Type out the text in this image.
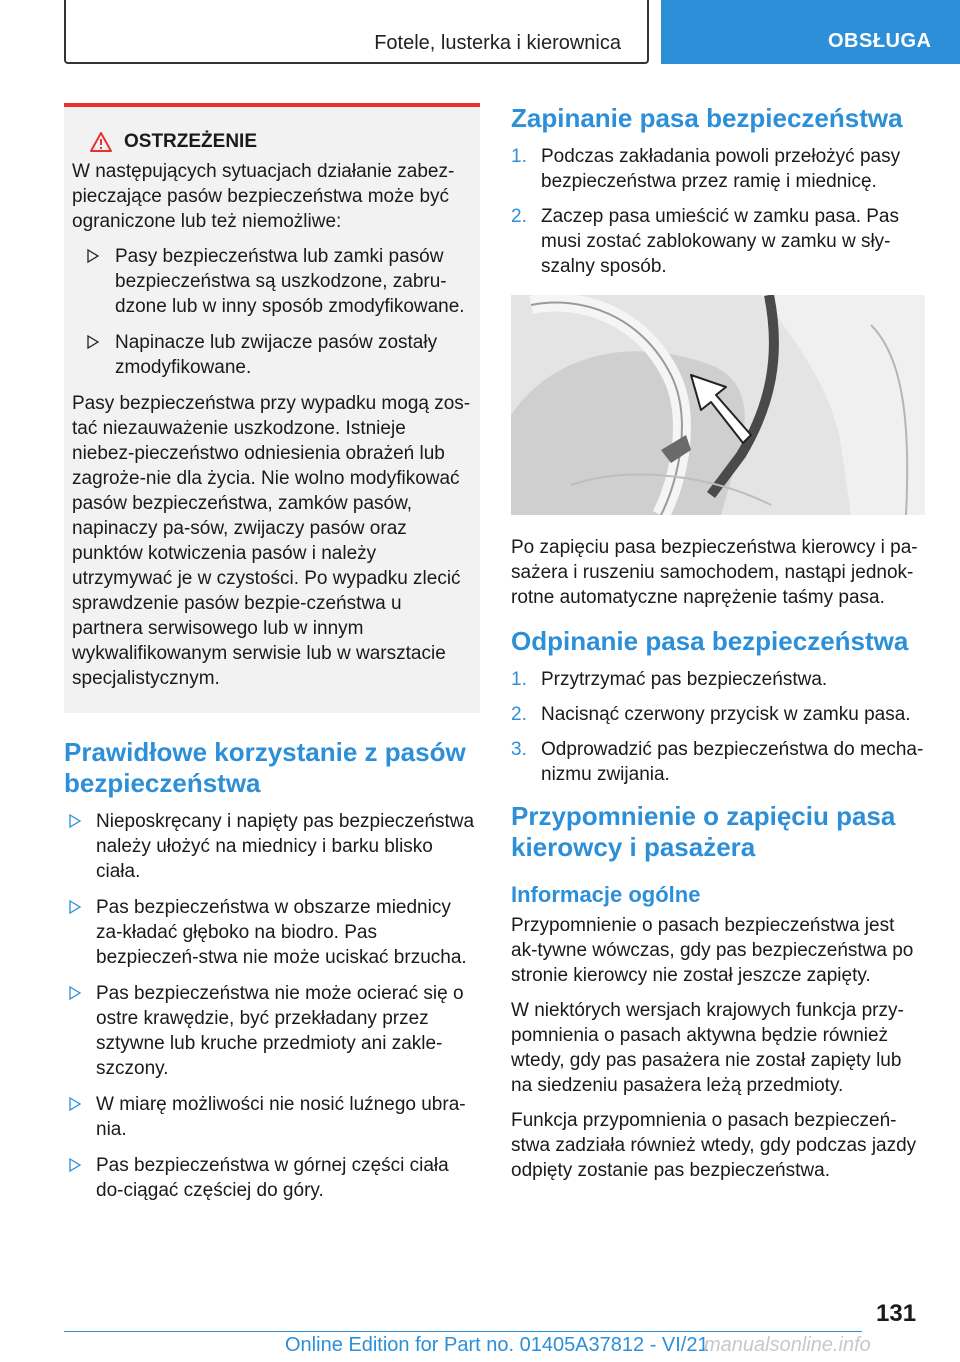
Fotele, lusterka i kierownica	OBSŁUGA
OSTRZEŻENIE

W następujących sytuacjach działanie zabez-pieczające pasów bezpieczeństwa może być ograniczone lub też niemożliwe:

Pasy bezpieczeństwa lub zamki pasów bezpieczeństwa są uszkodzone, zabru-dzone lub w inny sposób zmodyfikowane.
Napinacze lub zwijacze pasów zostały zmodyfikowane.

Pasy bezpieczeństwa przy wypadku mogą zos-tać niezauważenie uszkodzone. Istnieje niebez-pieczeństwo odniesienia obrażeń lub zagroże-nie dla życia. Nie wolno modyfikować pasów bezpieczeństwa, zamków pasów, napinaczy pa-sów, zwijaczy pasów oraz punktów kotwiczenia pasów i należy utrzymywać je w czystości. Po wypadku zlecić sprawdzenie pasów bezpie-czeństwa u partnera serwisowego lub w innym wykwalifikowanym serwisie lub w warsztacie specjalistycznym.

Prawidłowe korzystanie z pasów bezpieczeństwa
Nieposkręcany i napięty pas bezpieczeństwa należy ułożyć na miednicy i barku blisko ciała.
Pas bezpieczeństwa w obszarze miednicy za-kładać głęboko na biodro. Pas bezpieczeń-stwa nie może uciskać brzucha.
Pas bezpieczeństwa nie może ocierać się o ostre krawędzie, być przekładany przez sztywne lub kruche przedmioty ani zakle-szczony.
W miarę możliwości nie nosić luźnego ubra-nia.
Pas bezpieczeństwa w górnej części ciała do-ciągać częściej do góry.
Zapinanie pasa bezpieczeństwa
1. Podczas zakładania powoli przełożyć pasy bezpieczeństwa przez ramię i miednicę.
2. Zaczep pasa umieścić w zamku pasa. Pas musi zostać zablokowany w zamku w sły-szalny sposób.

Po zapięciu pasa bezpieczeństwa kierowcy i pa-sażera i ruszeniu samochodem, nastąpi jednok-rotne automatyczne naprężenie taśmy pasa.

Odpinanie pasa bezpieczeństwa
1. Przytrzymać pas bezpieczeństwa.
2. Nacisnąć czerwony przycisk w zamku pasa.
3. Odprowadzić pas bezpieczeństwa do mecha-nizmu zwijania.
Przypomnienie o zapięciu pasa kierowcy i pasażera
Informacje ogólne

Przypomnienie o pasach bezpieczeństwa jest ak-tywne wówczas, gdy pas bezpieczeństwa po stronie kierowcy nie został jeszcze zapięty.

W niektórych wersjach krajowych funkcja przy-pomnienia o pasach aktywna będzie również wtedy, gdy pas pasażera nie został zapięty lub na siedzeniu pasażera leżą przedmioty.

Funkcja przypomnienia o pasach bezpieczeń-stwa zadziała również wtedy, gdy podczas jazdy odpięty zostanie pas bezpieczeństwa.

131
Online Edition for Part no. 01405A37812 - VI/21
manualsonline.info
